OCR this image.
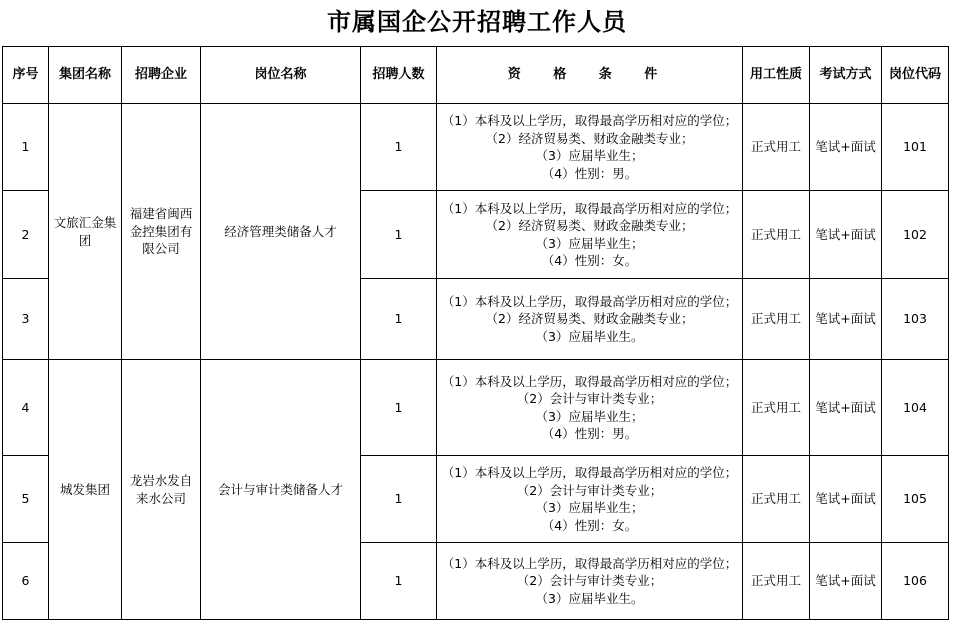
市属国企公开招聘工作人员
序号	集团名称	招聘企业	岗位名称	招聘人数	资 格 条 件	用工性质	考试方式	岗位代码
1	文旅汇金集团	福建省闽西金控集团有限公司	经济管理类储备人才	1	（1）本科及以上学历，取得最高学历相对应的学位；
（2）经济贸易类、财政金融类专业；
（3）应届毕业生；
（4）性别：男。	正式用工	笔试+面试	101
2				1	（1）本科及以上学历，取得最高学历相对应的学位；
（2）经济贸易类、财政金融类专业；
（3）应届毕业生；
（4）性别：女。	正式用工	笔试+面试	102
3				1	（1）本科及以上学历，取得最高学历相对应的学位；
（2）经济贸易类、财政金融类专业；
（3）应届毕业生。	正式用工	笔试+面试	103
4	城发集团	龙岩水发自来水公司	会计与审计类储备人才	1	（1）本科及以上学历，取得最高学历相对应的学位；
（2）会计与审计类专业；
（3）应届毕业生；
（4）性别：男。	正式用工	笔试+面试	104
5				1	（1）本科及以上学历，取得最高学历相对应的学位；
（2）会计与审计类专业；
（3）应届毕业生；
（4）性别：女。	正式用工	笔试+面试	105
6				1	（1）本科及以上学历，取得最高学历相对应的学位；
（2）会计与审计类专业；
（3）应届毕业生。	正式用工	笔试+面试	106
